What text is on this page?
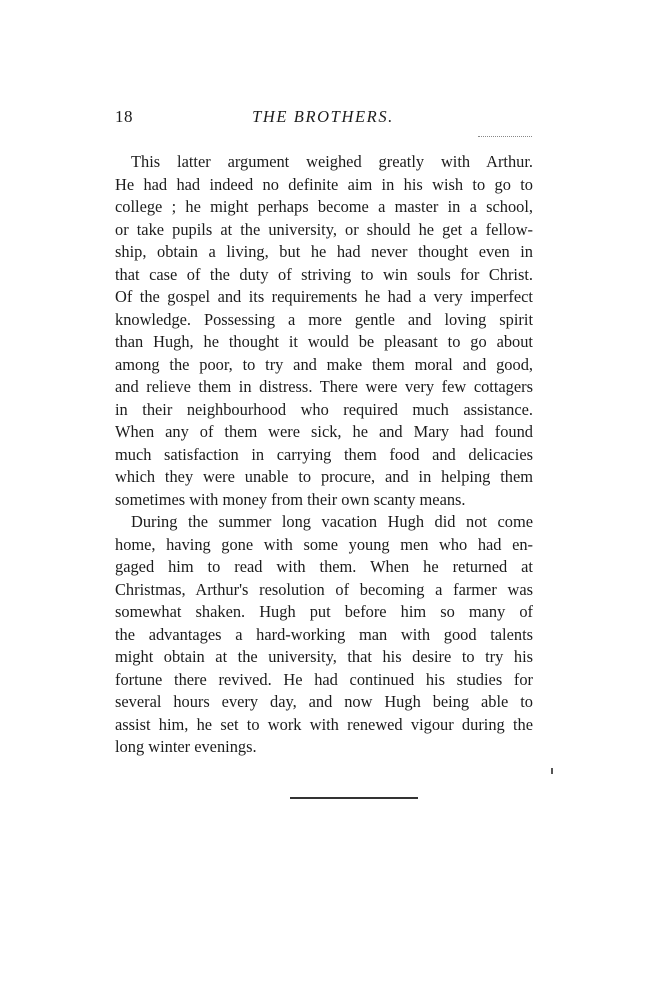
18	THE BROTHERS.

This latter argument weighed greatly with Arthur.
He had had indeed no definite aim in his wish to go to
college ; he might perhaps become a master in a school,
or take pupils at the university, or should he get a fellow-
ship, obtain a living, but he had never thought even in
that case of the duty of striving to win souls for Christ.
Of the gospel and its requirements he had a very imperfect
knowledge. Possessing a more gentle and loving spirit
than Hugh, he thought it would be pleasant to go about
among the poor, to try and make them moral and good,
and relieve them in distress. There were very few cottagers
in their neighbourhood who required much assistance.
When any of them were sick, he and Mary had found
much satisfaction in carrying them food and delicacies
which they were unable to procure, and in helping them
sometimes with money from their own scanty means.

During the summer long vacation Hugh did not come
home, having gone with some young men who had en-
gaged him to read with them. When he returned at
Christmas, Arthur's resolution of becoming a farmer was
somewhat shaken. Hugh put before him so many of
the advantages a hard-working man with good talents
might obtain at the university, that his desire to try his
fortune there revived. He had continued his studies for
several hours every day, and now Hugh being able to
assist him, he set to work with renewed vigour during the
long winter evenings.
